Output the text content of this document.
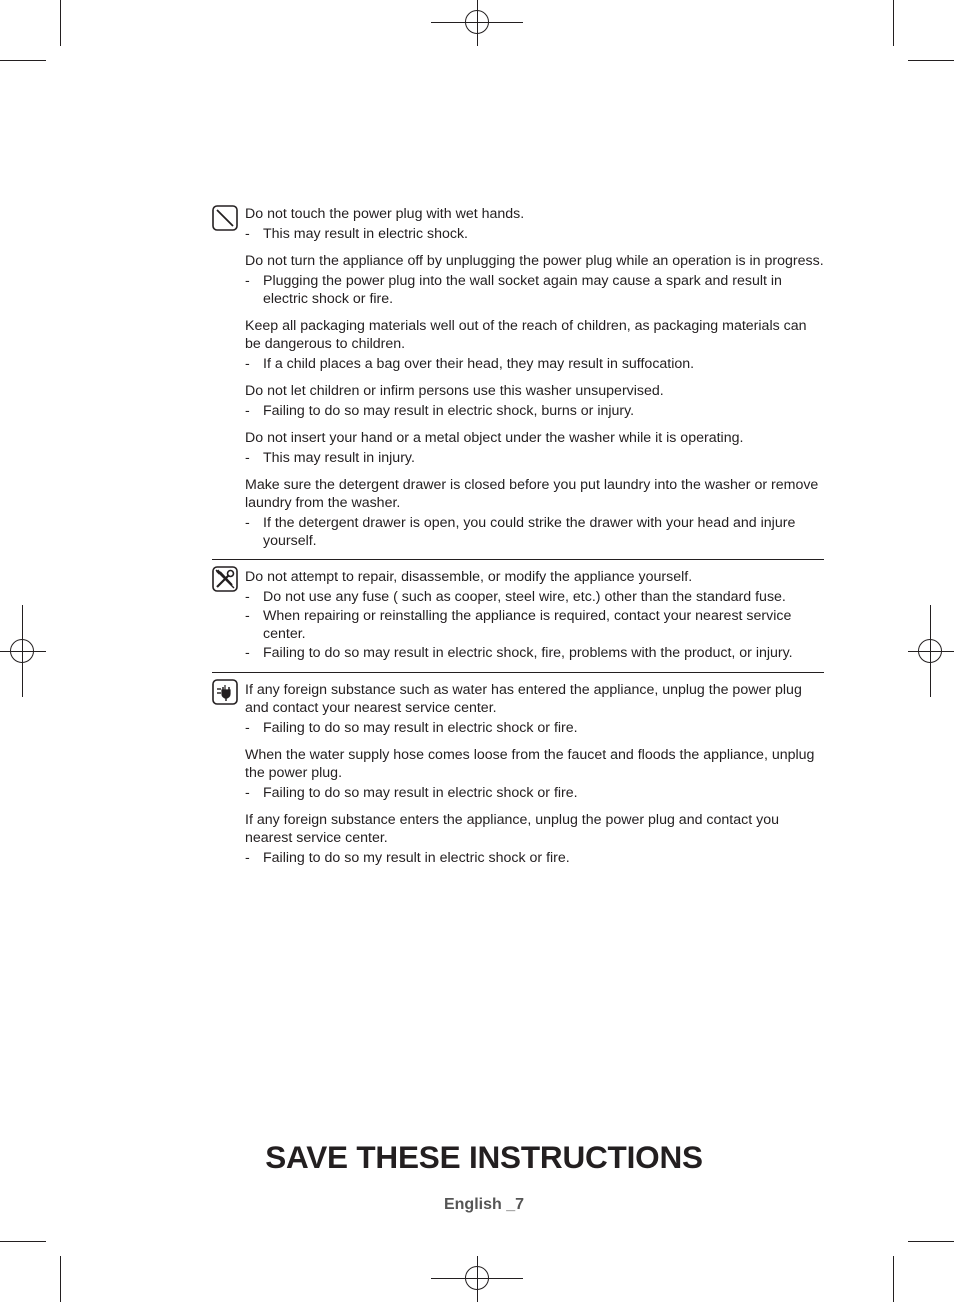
Do not touch the power plug with wet hands.
- This may result in electric shock.
Do not turn the appliance off by unplugging the power plug while an operation is in progress.
- Plugging the power plug into the wall socket again may cause a spark and result in electric shock or fire.
Keep all packaging materials well out of the reach of children, as packaging materials can be dangerous to children.
- If a child places a bag over their head, they may result in suffocation.
Do not let children or infirm persons use this washer unsupervised.
- Failing to do so may result in electric shock, burns or injury.
Do not insert your hand or a metal object under the washer while it is operating.
- This may result in injury.
Make sure the detergent drawer is closed before you put laundry into the washer or remove laundry from the washer.
- If the detergent drawer is open, you could strike the drawer with your head and injure yourself.
Do not attempt to repair, disassemble, or modify the appliance yourself.
- Do not use any fuse ( such as cooper, steel wire, etc.) other than the standard fuse.
- When repairing or reinstalling the appliance is required, contact your nearest service center.
- Failing to do so may result in electric shock, fire, problems with the product, or injury.
If any foreign substance such as water has entered the appliance, unplug the power plug and contact your nearest service center.
- Failing to do so may result in electric shock or fire.
When the water supply hose comes loose from the faucet and floods the appliance, unplug the power plug.
- Failing to do so may result in electric shock or fire.
If any foreign substance enters the appliance, unplug the power plug and contact you nearest service center.
- Failing to do so my result in electric shock or fire.
SAVE THESE INSTRUCTIONS
English _7
